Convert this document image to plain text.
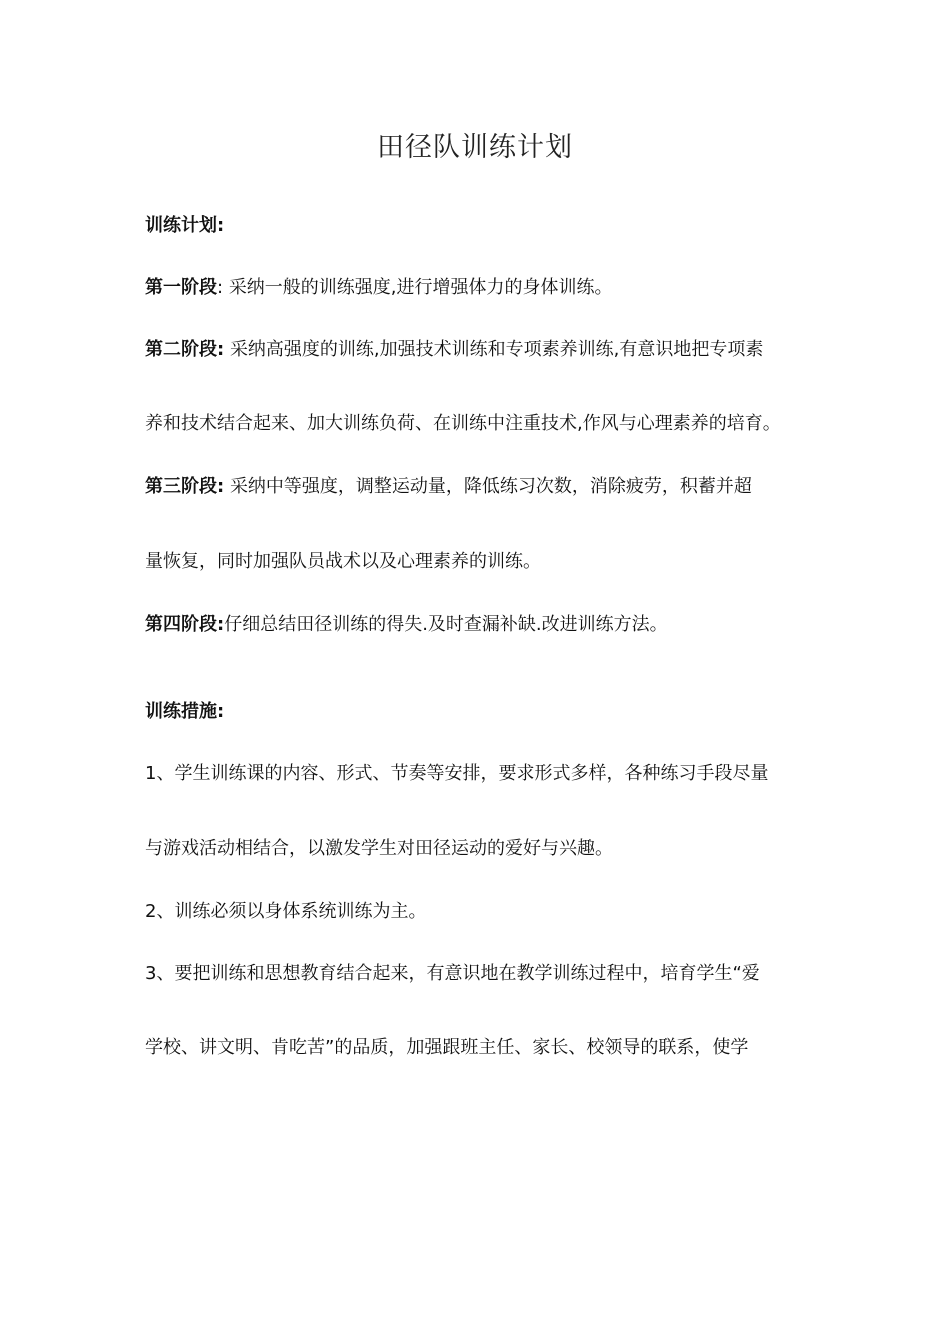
田径队训练计划
训练计划:
第一阶段: 采纳一般的训练强度,进行增强体力的身体训练。
第二阶段: 采纳高强度的训练,加强技术训练和专项素养训练,有意识地把专项素
养和技术结合起来、加大训练负荷、在训练中注重技术,作风与心理素养的培育。
第三阶段: 采纳中等强度，调整运动量，降低练习次数，消除疲劳，积蓄并超
量恢复，同时加强队员战术以及心理素养的训练。
第四阶段:仔细总结田径训练的得失.及时查漏补缺.改进训练方法。
训练措施:
1、学生训练课的内容、形式、节奏等安排，要求形式多样，各种练习手段尽量
与游戏活动相结合，以激发学生对田径运动的爱好与兴趣。
2、训练必须以身体系统训练为主。
3、要把训练和思想教育结合起来，有意识地在教学训练过程中，培育学生“爱
学校、讲文明、肯吃苦”的品质，加强跟班主任、家长、校领导的联系，使学
